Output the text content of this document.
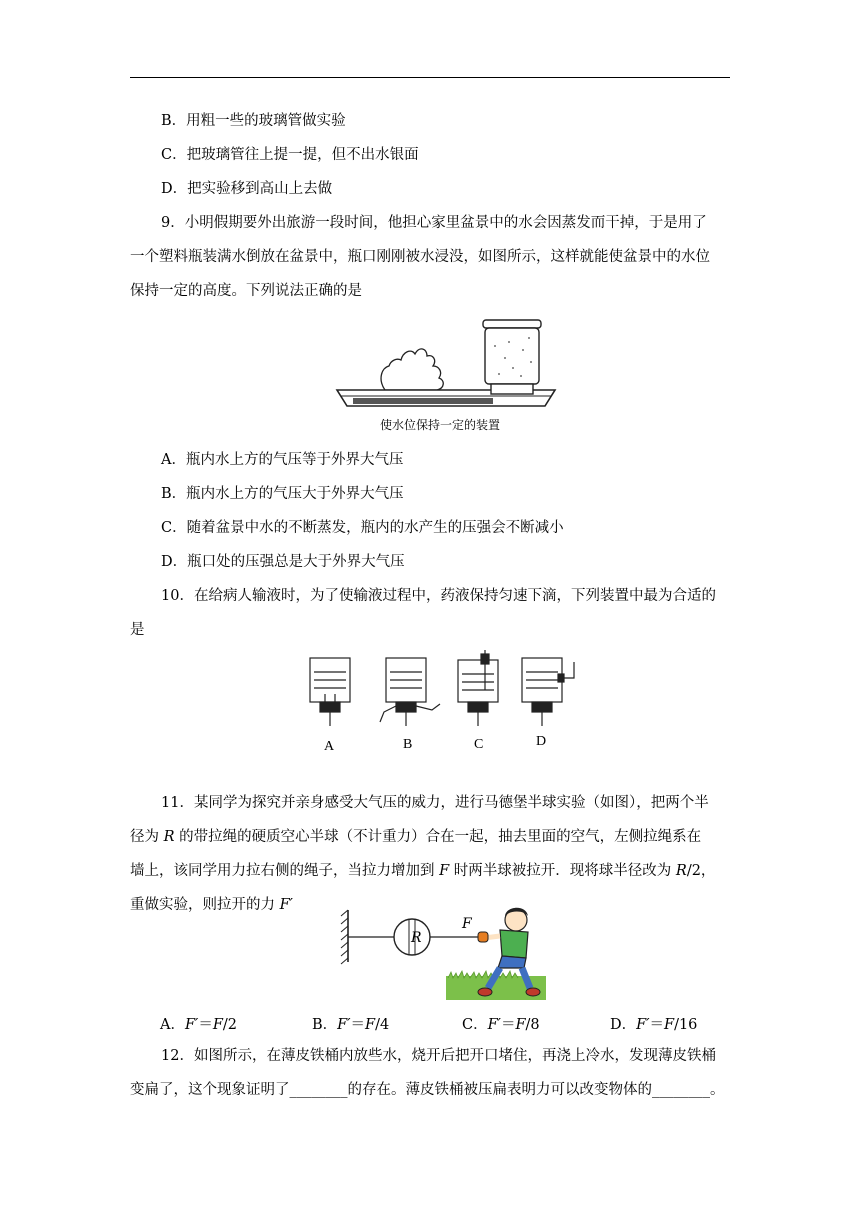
B．用粗一些的玻璃管做实验
C．把玻璃管往上提一提，但不出水银面
D．把实验移到高山上去做
9．小明假期要外出旅游一段时间，他担心家里盆景中的水会因蒸发而干掉，于是用了
一个塑料瓶装满水倒放在盆景中，瓶口刚刚被水浸没，如图所示，这样就能使盆景中的水位
保持一定的高度。下列说法正确的是
使水位保持一定的装置
A．瓶内水上方的气压等于外界大气压
B．瓶内水上方的气压大于外界大气压
C．随着盆景中水的不断蒸发，瓶内的水产生的压强会不断减小
D．瓶口处的压强总是大于外界大气压
10．在给病人输液时，为了使输液过程中，药液保持匀速下滴，下列装置中最为合适的
是
A	B	C	D
11．某同学为探究并亲身感受大气压的威力，进行马德堡半球实验（如图），把两个半
径为 R 的带拉绳的硬质空心半球（不计重力）合在一起，抽去里面的空气，左侧拉绳系在
墙上，该同学用力拉右侧的绳子，当拉力增加到 F 时两半球被拉开．现将球半径改为 R/2，
重做实验，则拉开的力 F′
R
F
A．F′＝F/2	B．F′＝F/4	C．F′＝F/8	D．F′＝F/16
12．如图所示，在薄皮铁桶内放些水，烧开后把开口堵住，再浇上冷水，发现薄皮铁桶
变扁了，这个现象证明了________的存在。薄皮铁桶被压扁表明力可以改变物体的________。
